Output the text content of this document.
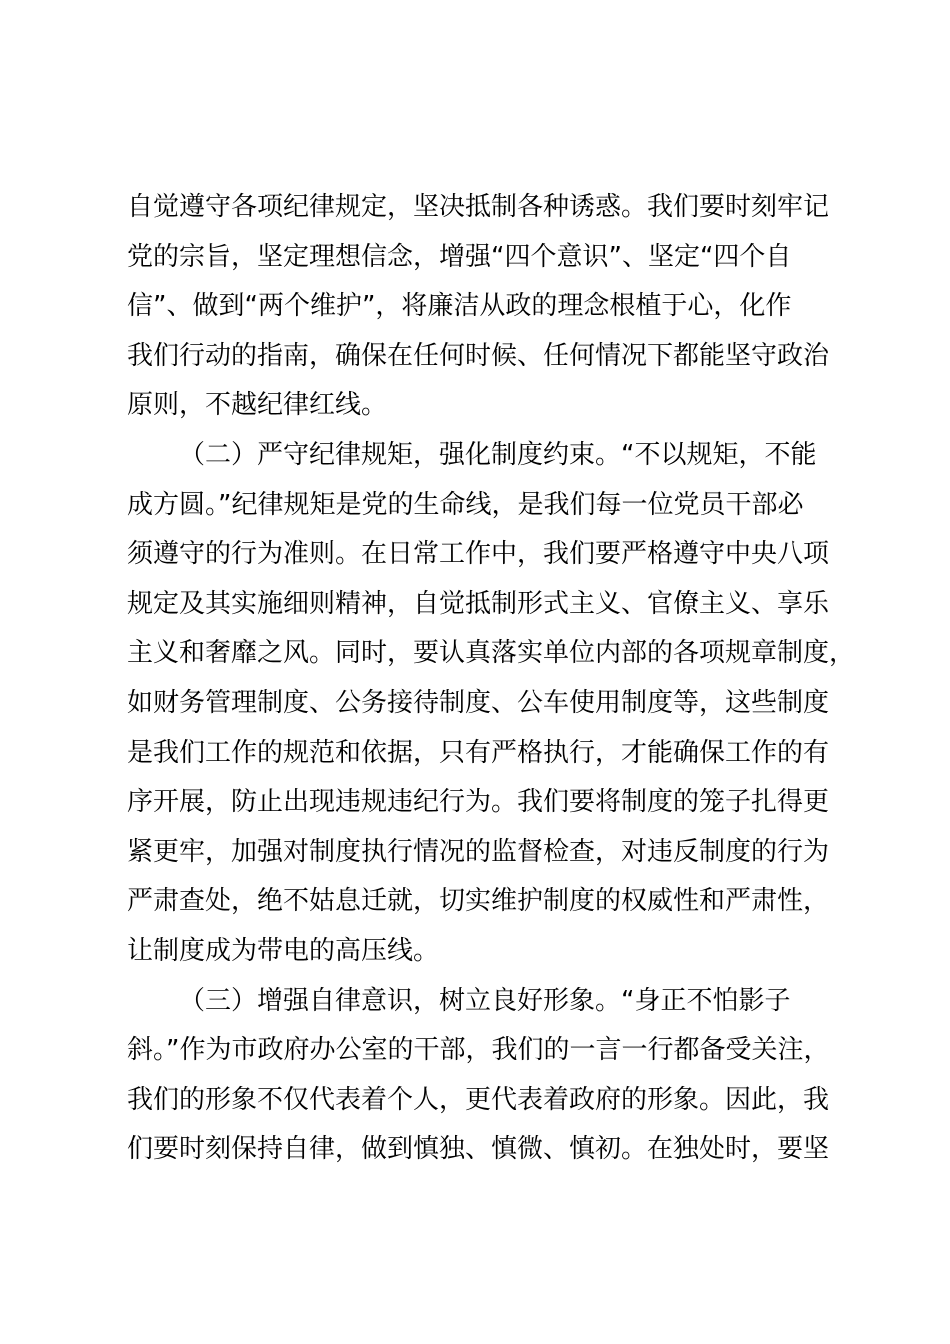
自觉遵守各项纪律规定，坚决抵制各种诱惑。我们要时刻牢记
党的宗旨，坚定理想信念，增强“四个意识”、坚定“四个自
信”、做到“两个维护”，将廉洁从政的理念根植于心，化作
我们行动的指南，确保在任何时候、任何情况下都能坚守政治
原则，不越纪律红线。
（二）严守纪律规矩，强化制度约束。“不以规矩，不能
成方圆。”纪律规矩是党的生命线，是我们每一位党员干部必
须遵守的行为准则。在日常工作中，我们要严格遵守中央八项
规定及其实施细则精神，自觉抵制形式主义、官僚主义、享乐
主义和奢靡之风。同时，要认真落实单位内部的各项规章制度，
如财务管理制度、公务接待制度、公车使用制度等，这些制度
是我们工作的规范和依据，只有严格执行，才能确保工作的有
序开展，防止出现违规违纪行为。我们要将制度的笼子扎得更
紧更牢，加强对制度执行情况的监督检查，对违反制度的行为
严肃查处，绝不姑息迁就，切实维护制度的权威性和严肃性，
让制度成为带电的高压线。
（三）增强自律意识，树立良好形象。“身正不怕影子
斜。”作为市政府办公室的干部，我们的一言一行都备受关注，
我们的形象不仅代表着个人，更代表着政府的形象。因此，我
们要时刻保持自律，做到慎独、慎微、慎初。在独处时，要坚
